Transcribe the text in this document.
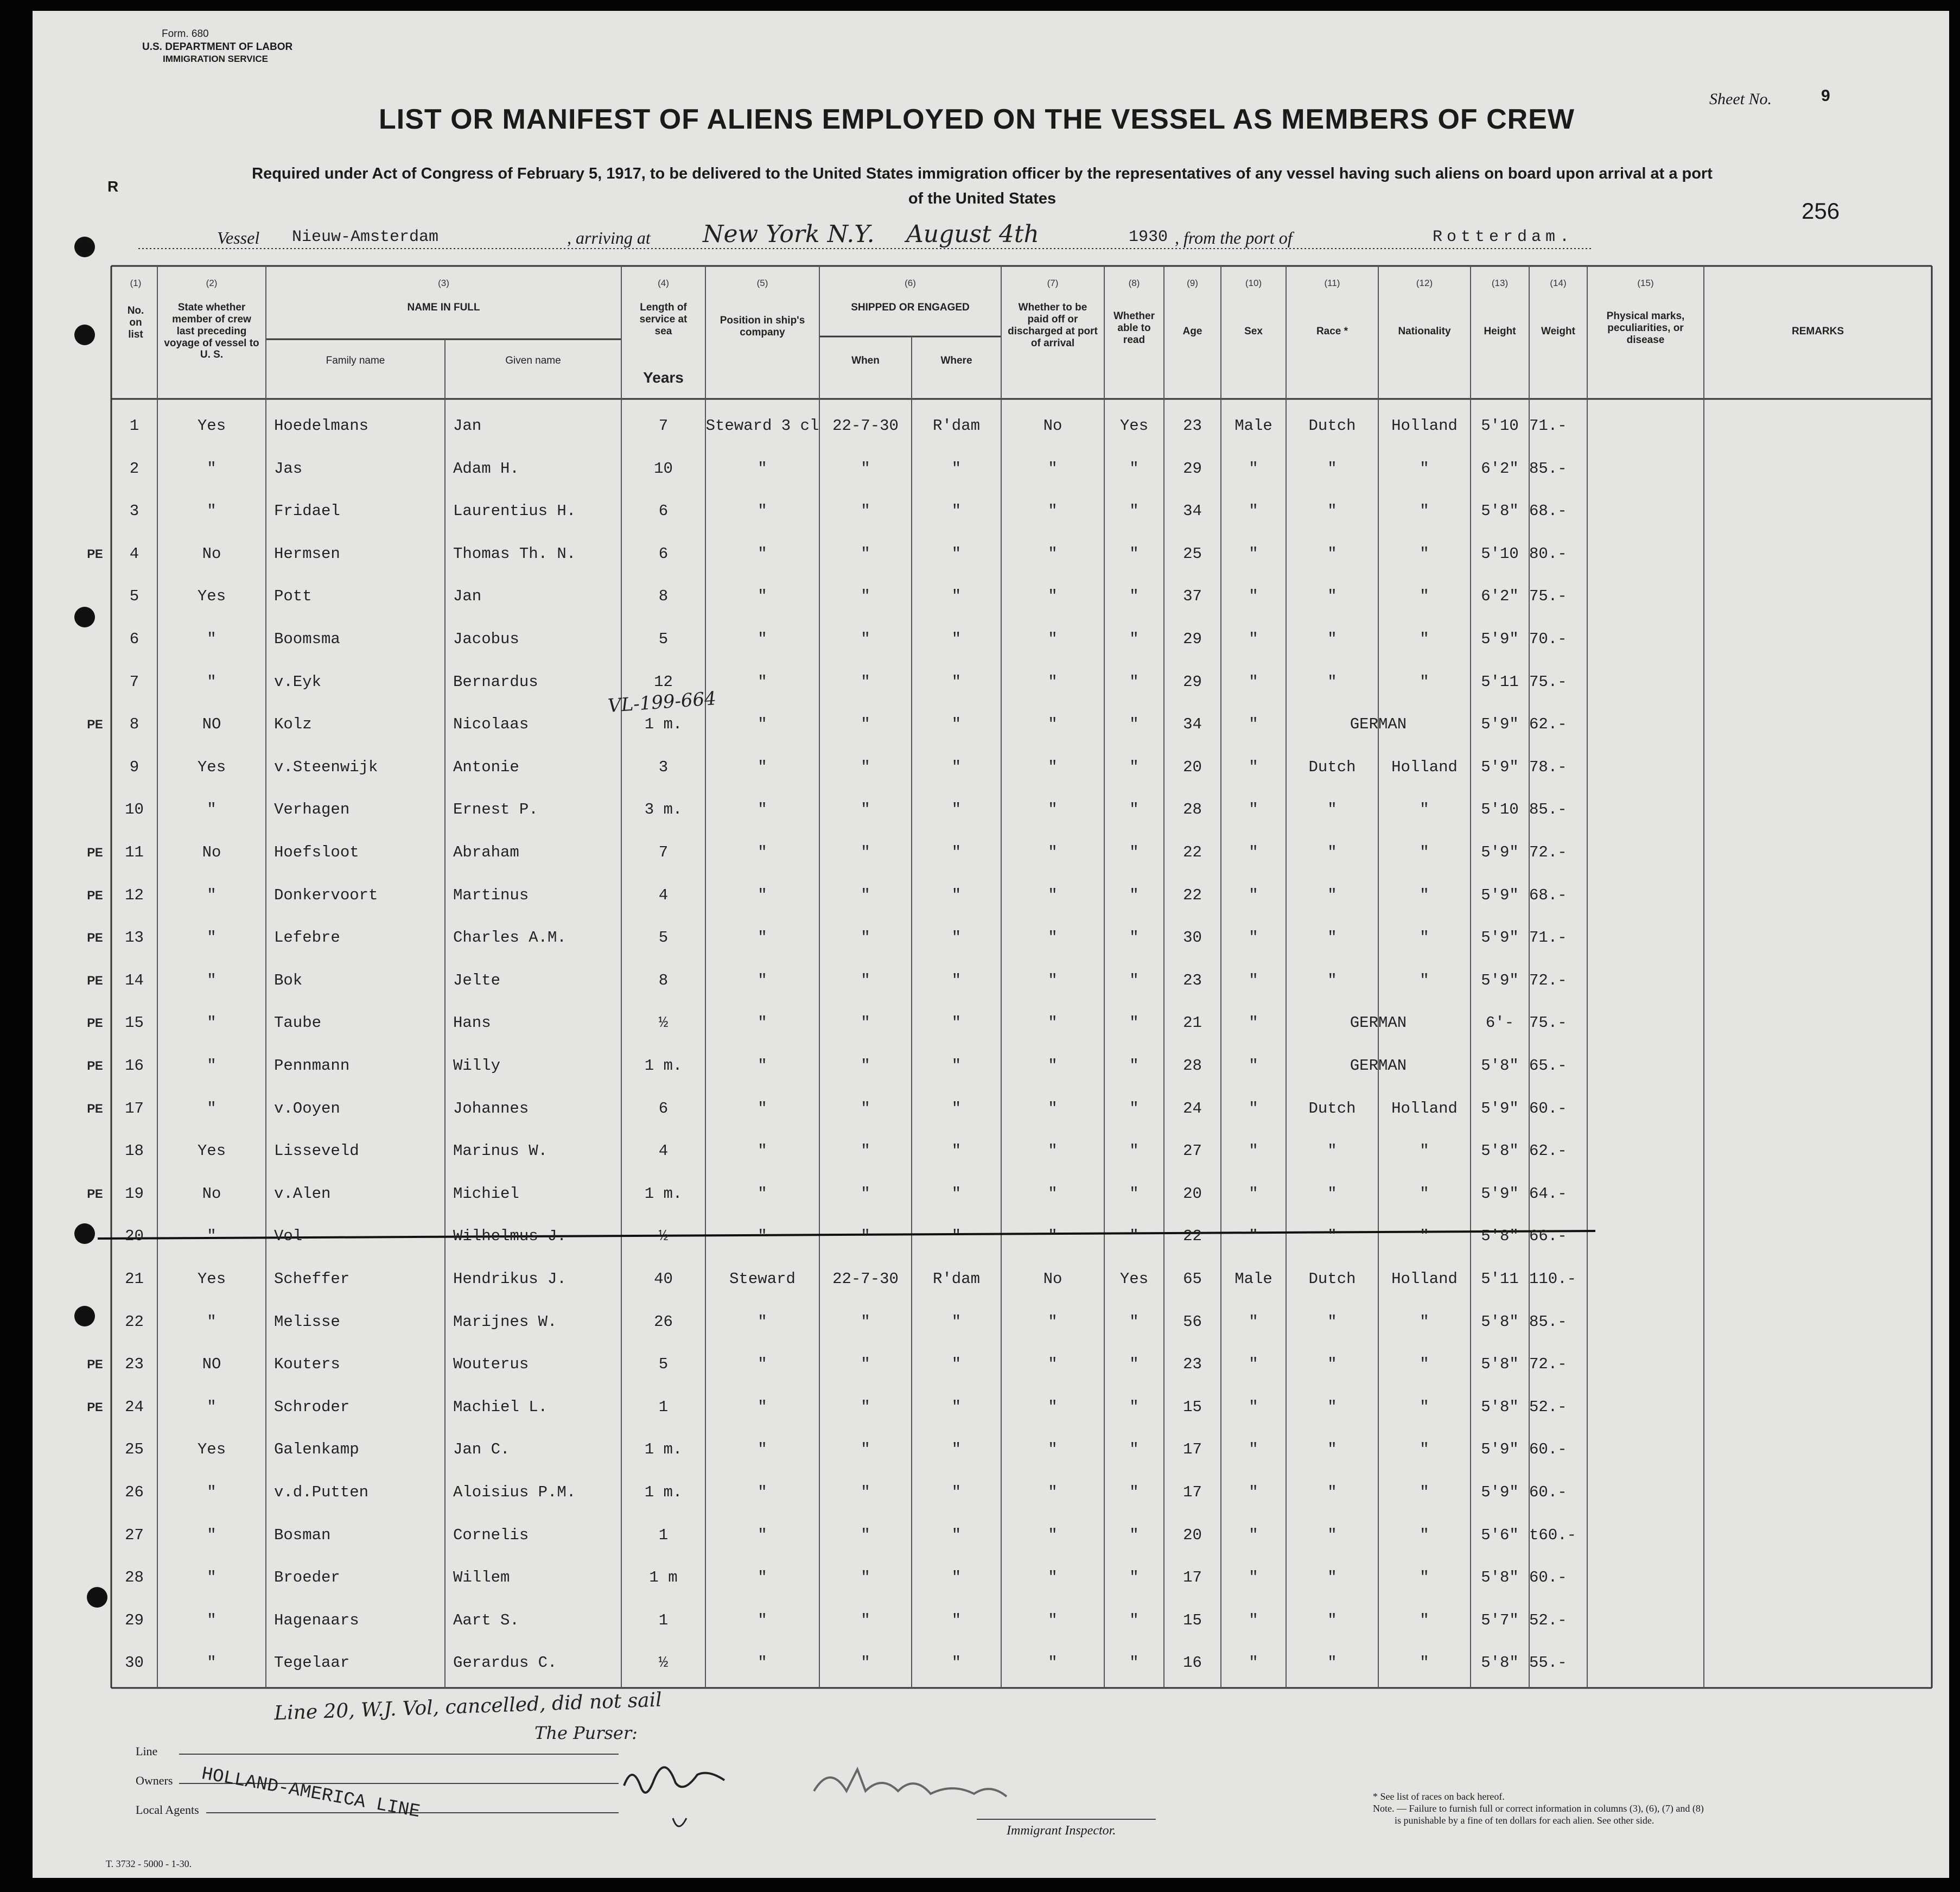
Form. 680
U.S. DEPARTMENT OF LABOR
IMMIGRATION SERVICE
Sheet No.	9
LIST OR MANIFEST OF ALIENS EMPLOYED ON THE VESSEL AS MEMBERS OF CREW
Required under Act of Congress of February 5, 1917, to be delivered to the United States immigration officer by the representatives of any vessel having such aliens on board upon arrival at a port
of the United States
R
256
Vessel Nieuw-Amsterdam	, arriving at New York N.Y. August 4th	1930 , from the port of	Rotterdam.
(1)	(2)	(3)	(4)	(5)	(6)	(7)	(8)	(9)	(10)	(11)	(12)	(13)	(14)	(15)
No. on list
State whether member of crew last preceding voyage of vessel to U. S.
NAME IN FULL
Family name	Given name
Length of service at sea
Years
Position in ship's company
SHIPPED OR ENGAGED
When	Where
Whether to be paid off or discharged at port of arrival
Whether able to read
Age	Sex	Race *	Nationality	Height	Weight
Physical marks, peculiarities, or disease
REMARKS
1	Yes	Hoedelmans	Jan	7	Steward 3 cl 22-7-30	R'dam	No	Yes	23	Male	Dutch	Holland	5'10 71.-
2	"	Jas	Adam H.	10	"	"	"	"	"	29	"	"	"	6'2" 85.-
3	"	Fridael	Laurentius H.	6	"	"	"	"	"	34	"	"	"	5'8" 68.-
PE	4	No	Hermsen	Thomas Th. N.	6	"	"	"	"	"	25	"	"	"	5'10 80.-
5	Yes	Pott	Jan	8	"	"	"	"	"	37	"	"	"	6'2" 75.-
6	"	Boomsma	Jacobus	5	"	"	"	"	"	29	"	"	"	5'9" 70.-
7	"	v.Eyk	Bernardus	12	"	"	"	"	"	29	"	"	"	5'11 75.-
PE	8	NO	Kolz	Nicolaas	1 m.	"	"	"	"	"	34	"	GERMAN	5'9" 62.-
9	Yes	v.Steenwijk	Antonie	3	"	"	"	"	"	20	"	Dutch	Holland	5'9" 78.-
10	"	Verhagen	Ernest P.	3 m.	"	"	"	"	"	28	"	"	"	5'10 85.-
PE	11	No	Hoefsloot	Abraham	7	"	"	"	"	"	22	"	"	"	5'9" 72.-
PE	12	"	Donkervoort	Martinus	4	"	"	"	"	"	22	"	"	"	5'9" 68.-
PE	13	"	Lefebre	Charles A.M.	5	"	"	"	"	"	30	"	"	"	5'9" 71.-
PE	14	"	Bok	Jelte	8	"	"	"	"	"	23	"	"	"	5'9" 72.-
PE	15	"	Taube	Hans	½	"	"	"	"	"	21	"	GERMAN	6'- 75.-
PE	16	"	Pennmann	Willy	1 m.	"	"	"	"	"	28	"	GERMAN	5'8" 65.-
PE	17	"	v.Ooyen	Johannes	6	"	"	"	"	"	24	"	Dutch	Holland	5'9" 60.-
18	Yes	Lisseveld	Marinus W.	4	"	"	"	"	"	27	"	"	"	5'8" 62.-
PE	19	No	v.Alen	Michiel	1 m.	"	"	"	"	"	20	"	"	"	5'9" 64.-
20	"	Vol	Wilhelmus J.	½	"	"	"	"	"	22	"	"	"	5'8" 66.-
21	Yes	Scheffer	Hendrikus J.	40	Steward	22-7-30	R'dam	No	Yes	65	Male	Dutch	Holland	5'11 110.-
22	"	Melisse	Marijnes W.	26	"	"	"	"	"	56	"	"	"	5'8" 85.-
PE	23	NO	Kouters	Wouterus	5	"	"	"	"	"	23	"	"	"	5'8" 72.-
PE	24	"	Schroder	Machiel L.	1	"	"	"	"	"	15	"	"	"	5'8" 52.-
25	Yes	Galenkamp	Jan C.	1 m.	"	"	"	"	"	17	"	"	"	5'9" 60.-
26	"	v.d.Putten	Aloisius P.M.	1 m.	"	"	"	"	"	17	"	"	"	5'9" 60.-
27	"	Bosman	Cornelis	1	"	"	"	"	"	20	"	"	"	5'6" t60.-
28	"	Broeder	Willem	1 m	"	"	"	"	"	17	"	"	"	5'8" 60.-
29	"	Hagenaars	Aart S.	1	"	"	"	"	"	15	"	"	"	5'7" 52.-
30	"	Tegelaar	Gerardus C.	½	"	"	"	"	"	16	"	"	"	5'8" 55.-
VL-199-664
Line 20, W.J. Vol, cancelled, did not sail
The Purser:
Line
Owners
Local Agents HOLLAND-AMERICA LINE
Immigrant Inspector.
T. 3732 - 5000 - 1-30.
* See list of races on back hereof.
Note. — Failure to furnish full or correct information in columns (3), (6), (7) and (8)
is punishable by a fine of ten dollars for each alien. See other side.
